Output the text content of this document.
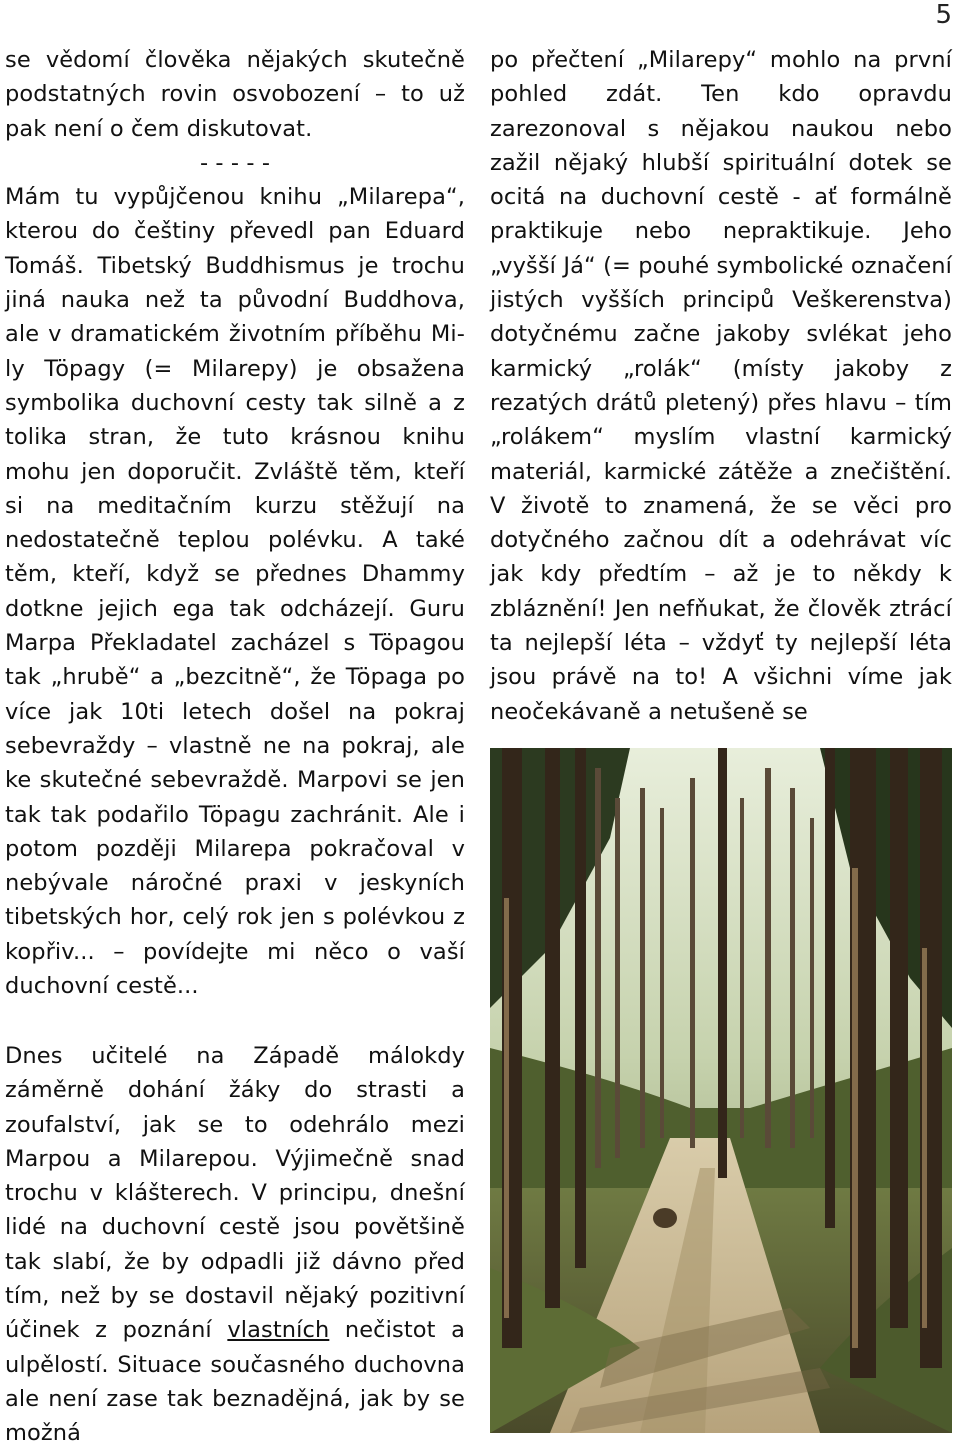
5

se vědomí člověka nějakých skutečně podstatných rovin osvobození – to už pak není o čem diskutovat.

- - - - -

Mám tu vypůjčenou knihu „Milarepa“, kterou do češtiny převedl pan Eduard Tomáš. Tibetský Buddhismus je trochu jiná nauka než ta původní Buddhova, ale v dramatickém životním příběhu Mi-ly Töpagy (= Milarepy) je obsažena symbolika duchovní cesty tak silně a z tolika stran, že tuto krásnou knihu mohu jen doporučit. Zvláště těm, kteří si na meditačním kurzu stěžují na nedostatečně teplou polévku. A také těm, kteří, když se přednes Dhammy dotkne jejich ega tak odcházejí. Guru Marpa Překladatel zacházel s Töpagou tak „hrubě“ a „bezcitně“, že Töpaga po více jak 10ti letech došel na pokraj sebevraždy – vlastně ne na pokraj, ale ke skutečné sebevraždě. Marpovi se jen tak tak podařilo Töpagu zachránit. Ale i potom později Milarepa pokračoval v nebývale náročné praxi v jeskyních tibetských hor, celý rok jen s polévkou z kopřiv... – povídejte mi něco o vaší duchovní cestě...

Dnes učitelé na Západě málokdy záměrně dohání žáky do strasti a zoufalství, jak se to odehrálo mezi Marpou a Milarepou. Výjimečně snad trochu v klášterech. V principu, dnešní lidé na duchovní cestě jsou povětšině tak slabí, že by odpadli již dávno před tím, než by se dostavil nějaký pozitivní účinek z poznání vlastních nečistot a ulpělostí. Situace současného duchovna ale není zase tak beznadějná, jak by se možná

po přečtení „Milarepy“ mohlo na první pohled zdát. Ten kdo opravdu zarezonoval s nějakou naukou nebo zažil nějaký hlubší spirituální dotek se ocitá na duchovní cestě - ať formálně praktikuje nebo nepraktikuje. Jeho „vyšší Já“ (= pouhé symbolické označení jistých vyšších principů Veškerenstva) dotyčnému začne jakoby svlékat jeho karmický „rolák“ (místy jakoby z rezatých drátů pletený) přes hlavu – tím „rolákem“ myslím vlastní karmický materiál, karmické zátěže a znečištění. V životě to znamená, že se věci pro dotyčného začnou dít a odehrávat víc jak kdy předtím – až je to někdy k zbláznění! Jen nefňukat, že člověk ztrácí ta nejlepší léta – vždyť ty nejlepší léta jsou právě na to! A všichni víme jak neočekávaně a netušeně se
